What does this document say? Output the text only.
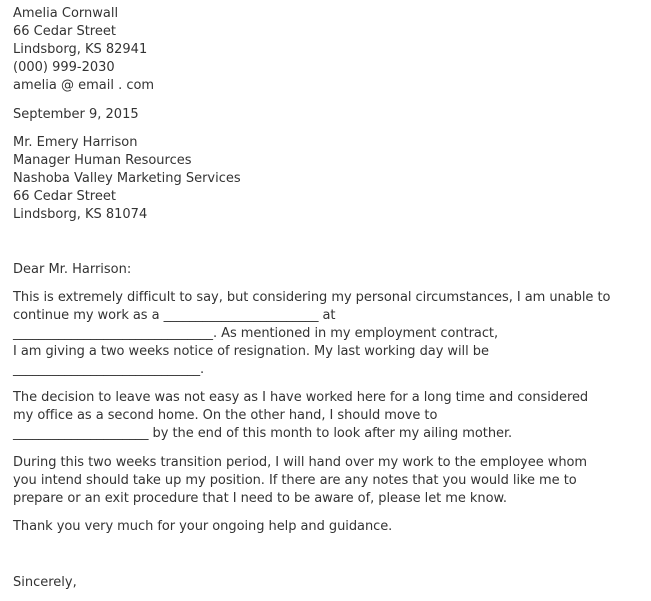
Amelia Cornwall
66 Cedar Street
Lindsborg, KS 82941
(000) 999-2030
amelia @ email . com
September 9, 2015
Mr. Emery Harrison
Manager Human Resources
Nashoba Valley Marketing Services
66 Cedar Street
Lindsborg, KS 81074
Dear Mr. Harrison:
This is extremely difficult to say, but considering my personal circumstances, I am unable to
continue my work as a ________________________ at
_______________________________. As mentioned in my employment contract,
I am giving a two weeks notice of resignation. My last working day will be
_____________________________.
The decision to leave was not easy as I have worked here for a long time and considered
my office as a second home. On the other hand, I should move to
_____________________ by the end of this month to look after my ailing mother.
During this two weeks transition period, I will hand over my work to the employee whom
you intend should take up my position. If there are any notes that you would like me to
prepare or an exit procedure that I need to be aware of, please let me know.
Thank you very much for your ongoing help and guidance.
Sincerely,
